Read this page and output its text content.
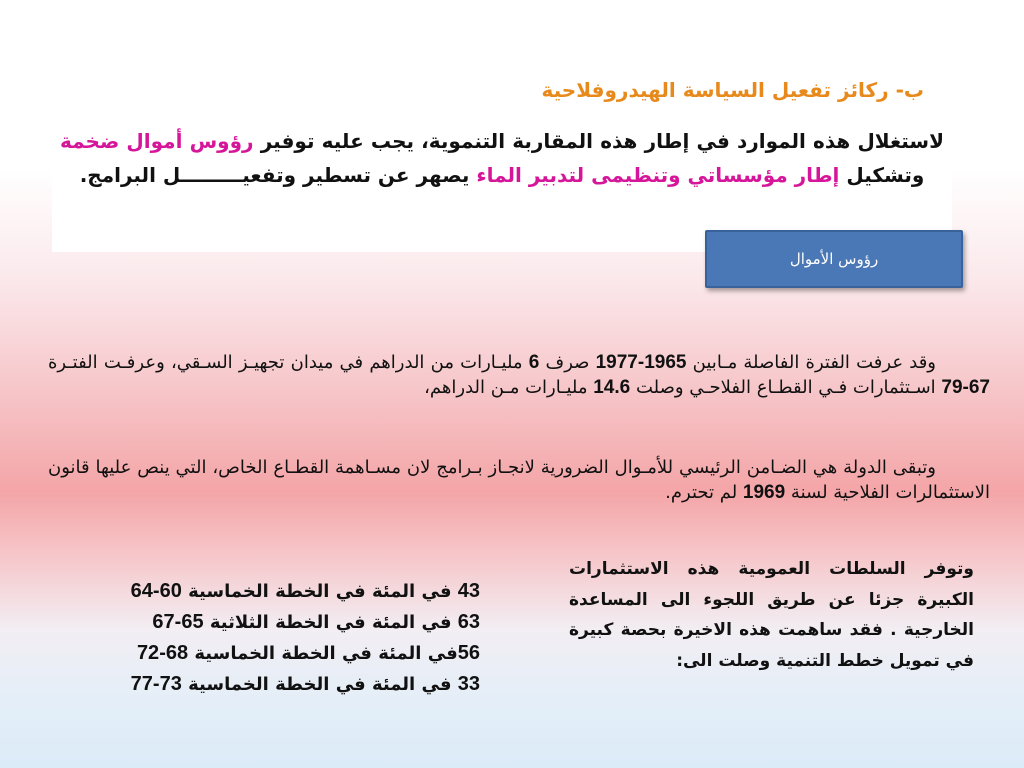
ب- ركائز تفعيل السياسة الهيدروفلاحية

لاستغلال هذه الموارد في إطار هذه المقاربة التنموية، يجب عليه توفير رؤوس أموال ضخمة وتشكيل إطار مؤسساتي وتنظيمى لتدبير الماء يصهر عن تسطير وتفعيـــــــــل البرامج.

رؤوس الأموال

   وقد عرفت الفترة الفاصلة مـابين 1965-1977 صرف 6 مليـارات من الدراهم في ميدان تجهيـز السـقي، وعرفـت الفتـرة 67-79 اسـتثمارات فـي القطـاع الفلاحـي وصلت 14.6 مليـارات مـن الدراهم،

   وتبقى الدولة هي الضـامن الرئيسي للأمـوال الضرورية لانجـاز بـرامج لان مسـاهمة القطـاع الخاص، التي ينص عليها قانون الاستثمالرات الفلاحية لسنة 1969 لم تحترم.

وتوفر السلطات العمومية هذه الاستثمارات الكبيرة جزئا عن طريق اللجوء الى المساعدة الخارجية . فقد ساهمت هذه الاخيرة بحصة كبيرة في تمويل خطط التنمية وصلت الى:

43 في المئة في الخطة الخماسية 60-64
63 في المئة في الخطة الثلاثية 65-67
56في المئة في الخطة الخماسية 68-72
33 في المئة في الخطة الخماسية 73-77
